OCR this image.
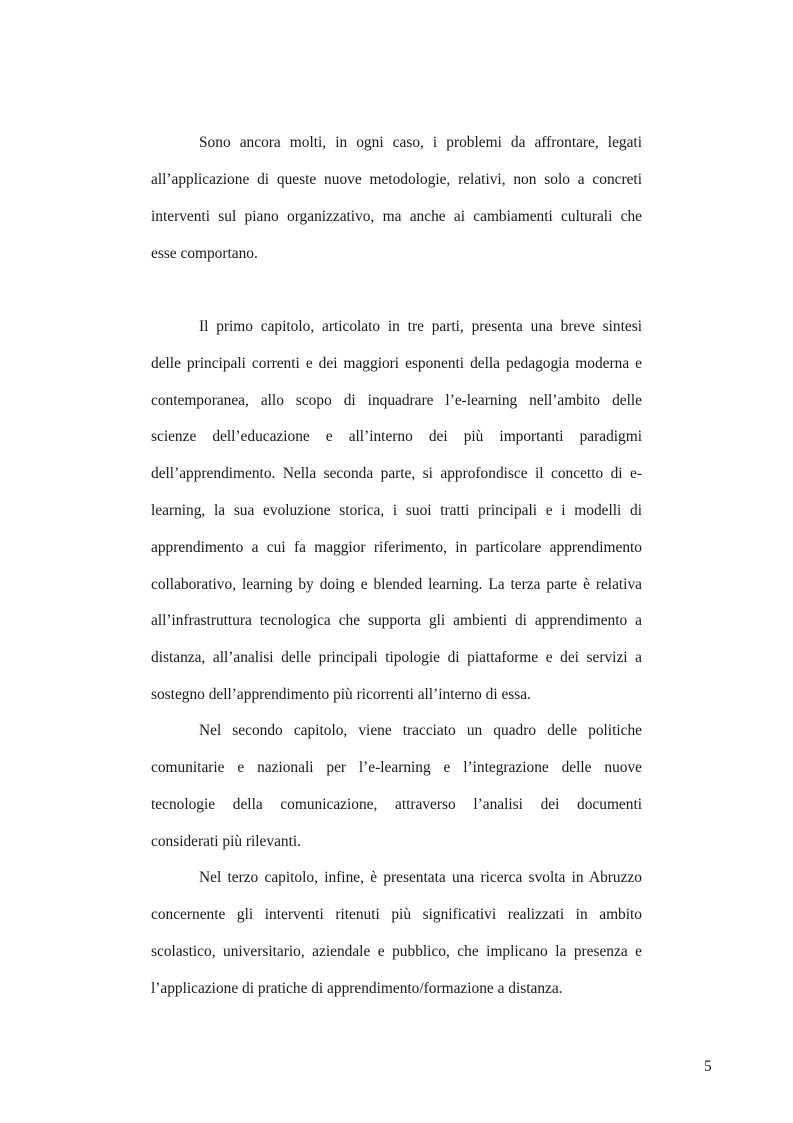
Sono ancora molti, in ogni caso, i problemi da affrontare, legati

all’applicazione di queste nuove metodologie, relativi, non solo a concreti

interventi sul piano organizzativo, ma anche ai cambiamenti culturali che

esse comportano.

Il primo capitolo, articolato in tre parti, presenta una breve sintesi

delle principali correnti e dei maggiori esponenti della pedagogia moderna e

contemporanea, allo scopo di inquadrare l’e-learning nell’ambito delle

scienze dell’educazione e all’interno dei più importanti paradigmi

dell’apprendimento. Nella seconda parte, si approfondisce il concetto di e-

learning, la sua evoluzione storica, i suoi tratti principali e i modelli di

apprendimento a cui fa maggior riferimento, in particolare apprendimento

collaborativo, learning by doing e blended learning. La terza parte è relativa

all’infrastruttura tecnologica che supporta gli ambienti di apprendimento a

distanza, all’analisi delle principali tipologie di piattaforme e dei servizi a

sostegno dell’apprendimento più ricorrenti all’interno di essa.

Nel secondo capitolo, viene tracciato un quadro delle politiche

comunitarie e nazionali per l’e-learning e l’integrazione delle nuove

tecnologie della comunicazione, attraverso l’analisi dei documenti

considerati più rilevanti.

Nel terzo capitolo, infine, è presentata una ricerca svolta in Abruzzo

concernente gli interventi ritenuti più significativi realizzati in ambito

scolastico, universitario, aziendale e pubblico, che implicano la presenza e

l’applicazione di pratiche di apprendimento/formazione a distanza.

5
